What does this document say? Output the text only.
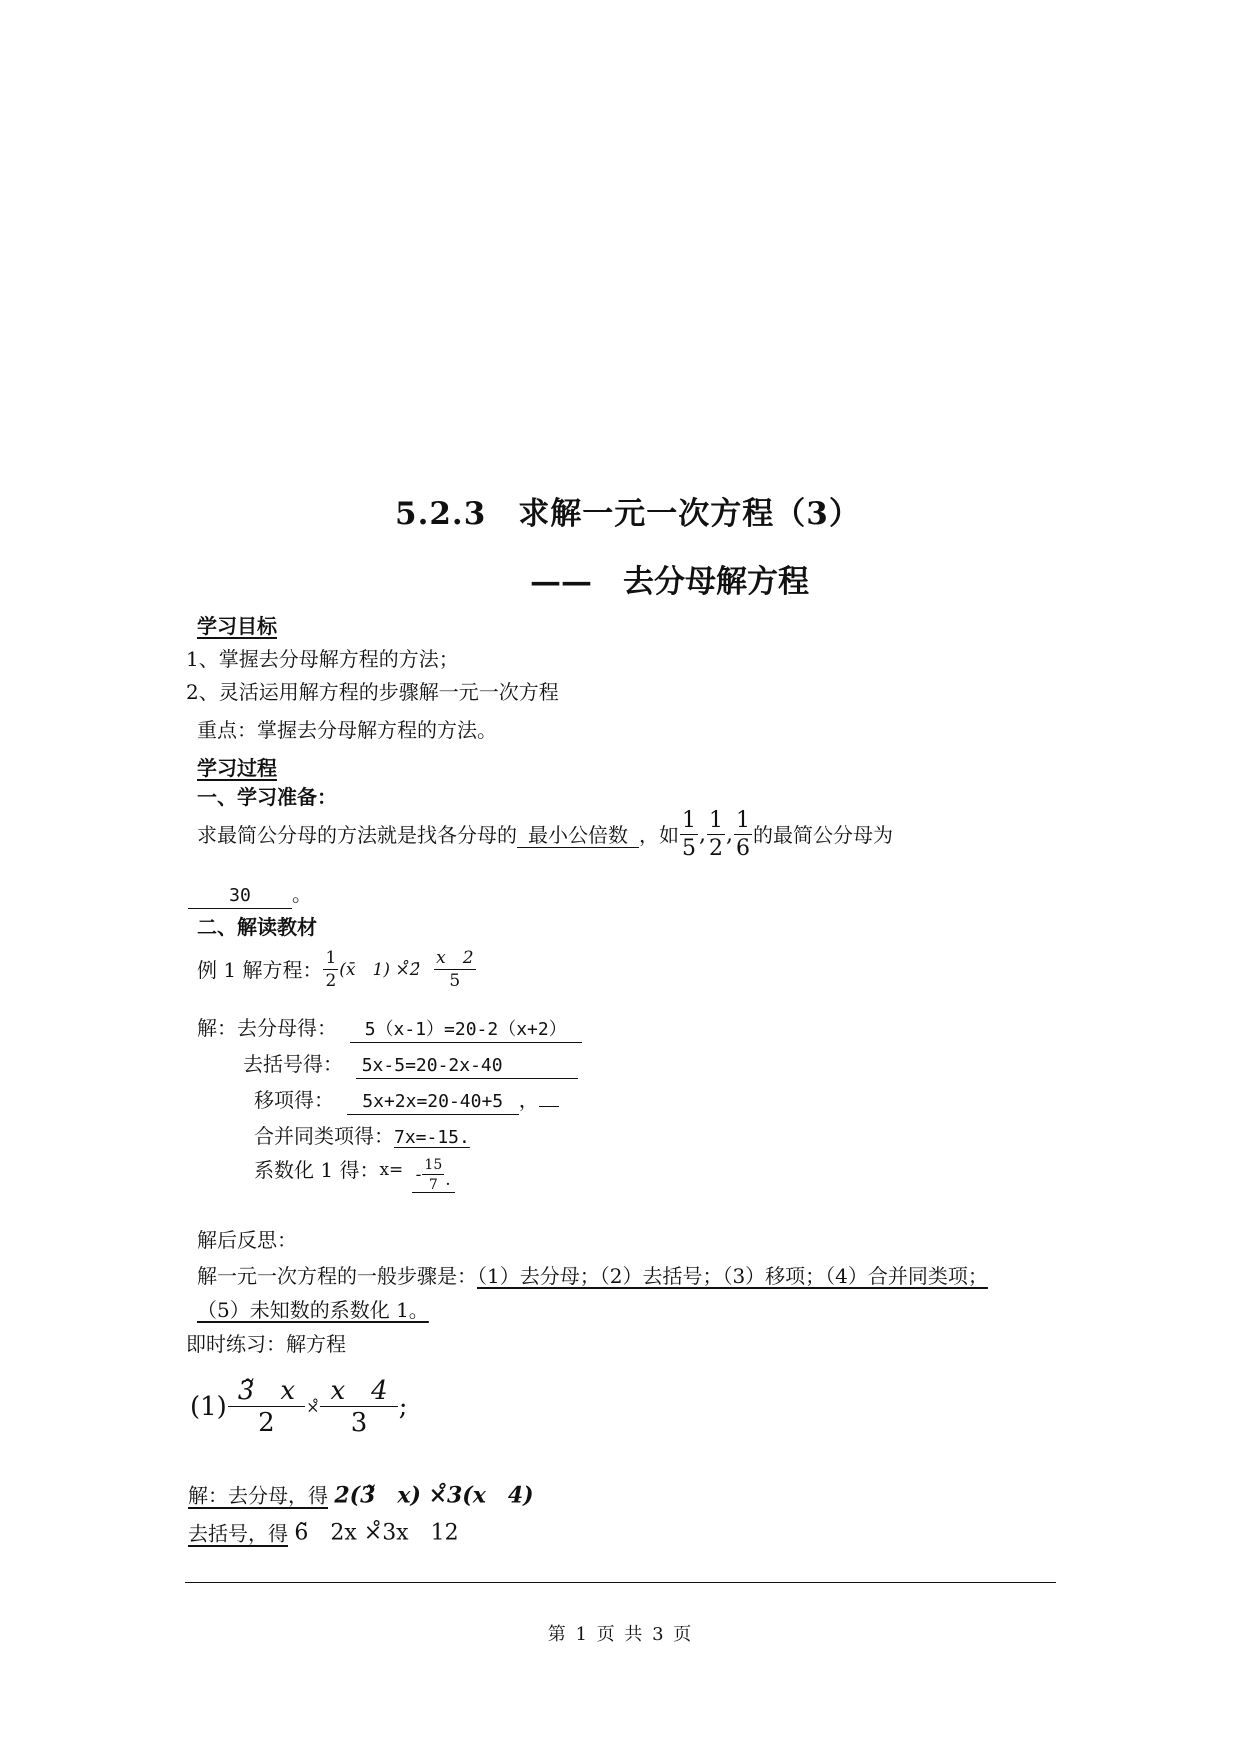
5.2.3　求解一元一次方程（3）
——　去分母解方程
学习目标
1、掌握去分母解方程的方法；
2、灵活运用解方程的步骤解一元一次方程
重点：掌握去分母解方程的方法。
学习过程
一、学习准备：
求最简公分母的方法就是找各分母的 最小公倍数 ，如 $\frac{1}{5}$ , $\frac{1}{2}$ , $\frac{1}{6}$ 的最简公分母为
30 。
二、解读教材
例 1 解方程： $\frac{1}{2}$ (x̄　1) ×̊2̄ $\frac{x 2}{5}$
解：去分母得： 5（x-1）=20-2（x+2）
去括号得： 5x-5=20-2x-40
移项得： 5x+2x=20-40+5 ，
合并同类项得：7x=-15.
系数化 1 得：$^{x=} - \frac{15}{7}$ .
解后反思：
解一元一次方程的一般步骤是：（1）去分母；（2）去括号；（3）移项；（4）合并同类项；
（5）未知数的系数化 1。
即时练习：解方程
$(1) \frac{3̃ x}{2}$ ×̊ $\frac{x 4}{3}$ ;
解：去分母，得 2(3̃　x) ×̊3(x　4)
去括号，得 6̃　2x ×̊3x　12
第 1 页 共 3 页
